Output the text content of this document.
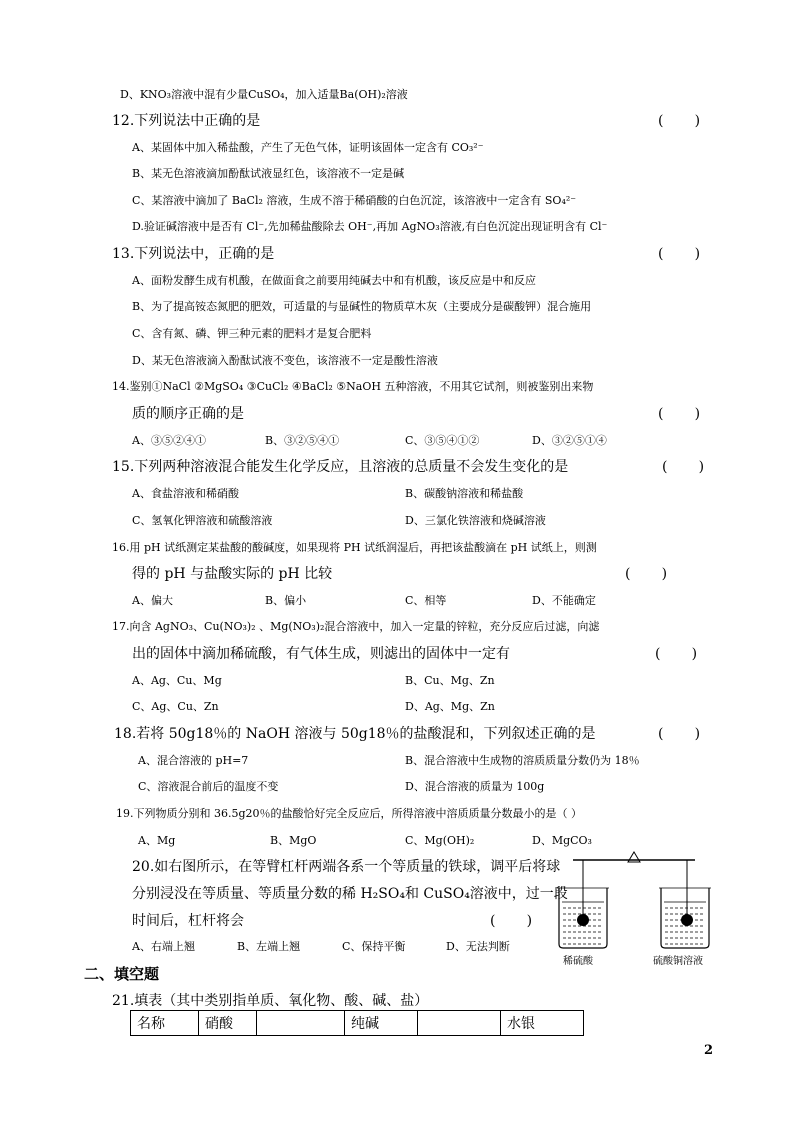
D、KNO₃溶液中混有少量CuSO₄，加入适量Ba(OH)₂溶液
12.下列说法中正确的是	(       )
A、某固体中加入稀盐酸，产生了无色气体，证明该固体一定含有 CO₃²⁻
B、某无色溶液滴加酚酞试液显红色，该溶液不一定是碱
C、某溶液中滴加了 BaCl₂ 溶液，生成不溶于稀硝酸的白色沉淀，该溶液中一定含有 SO₄²⁻
D.验证碱溶液中是否有 Cl⁻,先加稀盐酸除去 OH⁻,再加 AgNO₃溶液,有白色沉淀出现证明含有 Cl⁻
13.下列说法中，正确的是	(       )
A、面粉发酵生成有机酸，在做面食之前要用纯碱去中和有机酸，该反应是中和反应
B、为了提高铵态氮肥的肥效，可适量的与显碱性的物质草木灰（主要成分是碳酸钾）混合施用
C、含有氮、磷、钾三种元素的肥料才是复合肥料
D、某无色溶液滴入酚酞试液不变色，该溶液不一定是酸性溶液
14.鉴别①NaCl ②MgSO₄ ③CuCl₂ ④BaCl₂ ⑤NaOH 五种溶液，不用其它试剂，则被鉴别出来物
质的顺序正确的是	(       )
A、③⑤②④①	B、③②⑤④①	C、③⑤④①②	D、③②⑤①④
15.下列两种溶液混合能发生化学反应，且溶液的总质量不会发生变化的是	(       )
A、食盐溶液和稀硝酸	B、碳酸钠溶液和稀盐酸
C、氢氧化钾溶液和硫酸溶液	D、三氯化铁溶液和烧碱溶液
16.用 pH 试纸测定某盐酸的酸碱度，如果现将 PH 试纸润湿后，再把该盐酸滴在 pH 试纸上，则测
得的 pH 与盐酸实际的 pH 比较	(       )
A、偏大	B、偏小	C、相等	D、不能确定
17.向含 AgNO₃、Cu(NO₃)₂ 、Mg(NO₃)₂混合溶液中，加入一定量的锌粒，充分反应后过滤，向滤
出的固体中滴加稀硫酸，有气体生成，则滤出的固体中一定有	(       )
A、Ag、Cu、Mg	B、Cu、Mg、Zn
C、Ag、Cu、Zn	D、Ag、Mg、Zn
18.若将 50g18％的 NaOH 溶液与 50g18％的盐酸混和，下列叙述正确的是	(       )
A、混合溶液的 pH=7	B、混合溶液中生成物的溶质质量分数仍为 18％
C、溶液混合前后的温度不变	D、混合溶液的质量为 100g
19.下列物质分别和 36.5g20％的盐酸恰好完全反应后，所得溶液中溶质质量分数最小的是（ ）
A、Mg	B、MgO	C、Mg(OH)₂	D、MgCO₃
20.如右图所示，在等臂杠杆两端各系一个等质量的铁球，调平后将球
分别浸没在等质量、等质量分数的稀 H₂SO₄和 CuSO₄溶液中，过一段
时间后，杠杆将会	(       )
A、右端上翘	B、左端上翘	C、保持平衡	D、无法判断
稀硫酸	硫酸铜溶液
二、填空题
21.填表（其中类别指单质、氧化物、酸、碱、盐）
名称	硝酸		纯碱		水银
2
